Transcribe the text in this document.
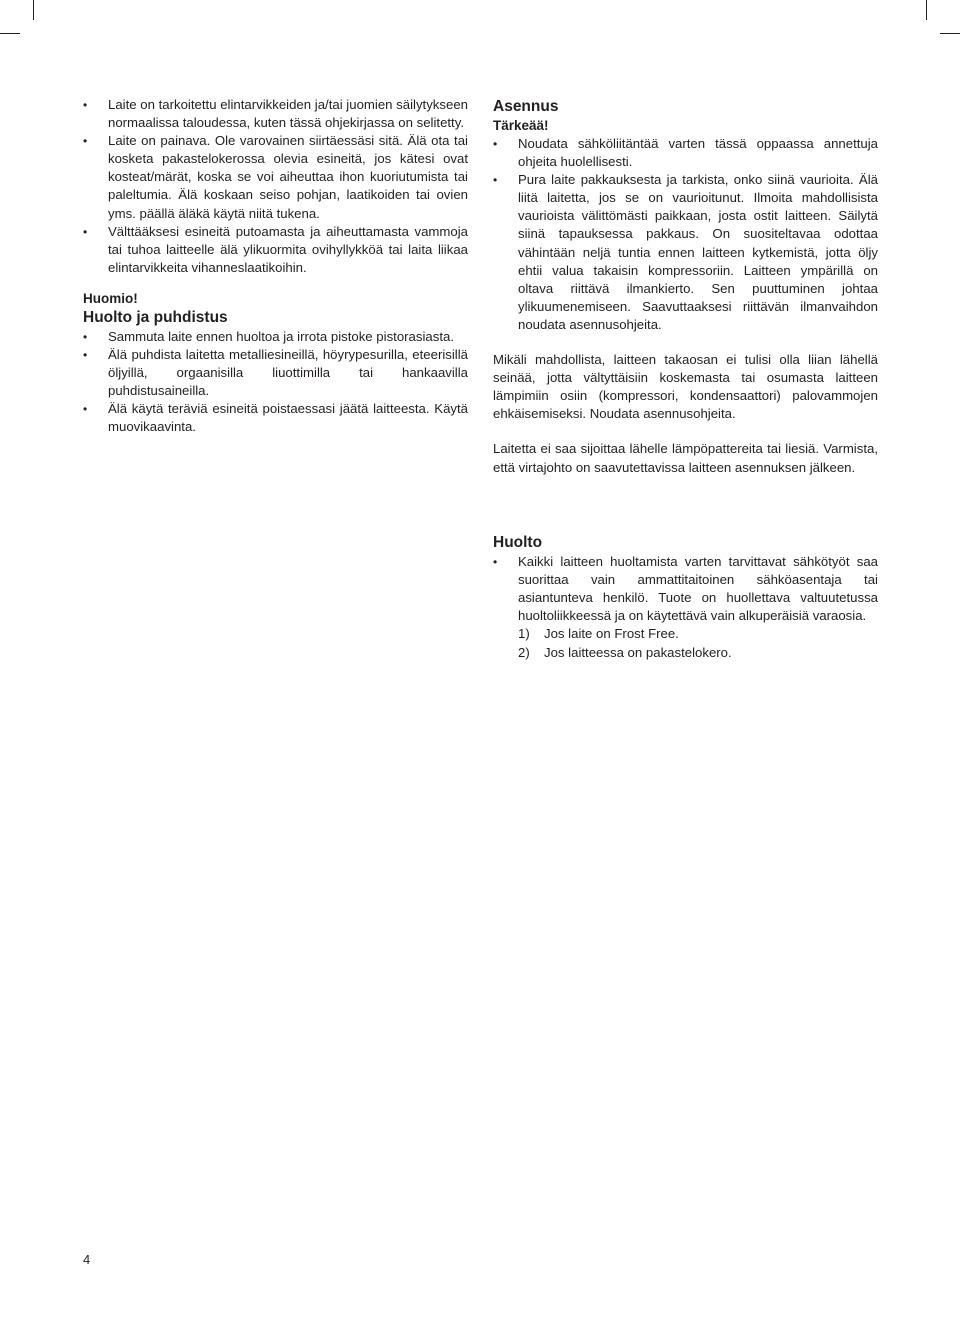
• Laite on tarkoitettu elintarvikkeiden ja/tai juomien säilytykseen normaalissa taloudessa, kuten tässä ohjekirjassa on selitetty.
• Laite on painava. Ole varovainen siirtäessäsi sitä. Älä ota tai kosketa pakastelokerossa olevia esineitä, jos kätesi ovat kosteat/märät, koska se voi aiheuttaa ihon kuoriutumista tai paleltumia. Älä koskaan seiso pohjan, laatikoiden tai ovien yms. päällä äläkä käytä niitä tukena.
• Välttääksesi esineitä putoamasta ja aiheuttamasta vammoja tai tuhoa laitteelle älä ylikuormita ovihyllykköä tai laita liikaa elintarvikkeita vihanneslaatikoihin.
Huomio!
Huolto ja puhdistus
• Sammuta laite ennen huoltoa ja irrota pistoke pistorasiasta.
• Älä puhdista laitetta metalliesineillä, höyrypesurilla, eteerisillä öljyillä, orgaanisilla liuottimilla tai hankaavilla puhdistusaineilla.
• Älä käytä teräviä esineitä poistaessasi jäätä laitteesta. Käytä muovikaavinta.
Asennus
Tärkeää!
• Noudata sähköliitäntää varten tässä oppaassa annettuja ohjeita huolellisesti.
• Pura laite pakkauksesta ja tarkista, onko siinä vaurioita. Älä liitä laitetta, jos se on vaurioitunut. Ilmoita mahdollisista vaurioista välittömästi paikkaan, josta ostit laitteen. Säilytä siinä tapauksessa pakkaus. On suositeltavaa odottaa vähintään neljä tuntia ennen laitteen kytkemistä, jotta öljy ehtii valua takaisin kompressoriin. Laitteen ympärillä on oltava riittävä ilmankierto. Sen puuttuminen johtaa ylikuumenemiseen. Saavuttaaksesi riittävän ilmanvaihdon noudata asennusohjeita.

Mikäli mahdollista, laitteen takaosan ei tulisi olla liian lähellä seinää, jotta vältyttäisiin koskemasta tai osumasta laitteen lämpimiin osiin (kompressori, kondensaattori) palovammojen ehkäisemiseksi. Noudata asennusohjeita.

Laitetta ei saa sijoittaa lähelle lämpöpattereita tai liesiä. Varmista, että virtajohto on saavutettavissa laitteen asennuksen jälkeen.

Huolto
• Kaikki laitteen huoltamista varten tarvittavat sähkötyöt saa suorittaa vain ammattitaitoinen sähköasentaja tai asiantunteva henkilö. Tuote on huollettava valtuutetussa huoltoliikkeessä ja on käytettävä vain alkuperäisiä varaosia.
1) Jos laite on Frost Free.
2) Jos laitteessa on pakastelokero.
4
